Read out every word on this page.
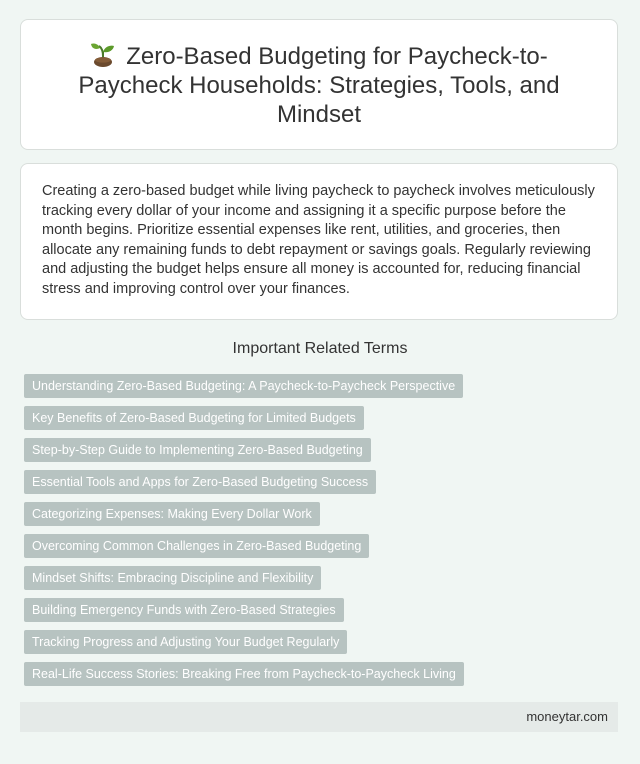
Zero-Based Budgeting for Paycheck-to-Paycheck Households: Strategies, Tools, and Mindset

Creating a zero-based budget while living paycheck to paycheck involves meticulously tracking every dollar of your income and assigning it a specific purpose before the month begins. Prioritize essential expenses like rent, utilities, and groceries, then allocate any remaining funds to debt repayment or savings goals. Regularly reviewing and adjusting the budget helps ensure all money is accounted for, reducing financial stress and improving control over your finances.

Important Related Terms
Understanding Zero-Based Budgeting: A Paycheck-to-Paycheck Perspective
Key Benefits of Zero-Based Budgeting for Limited Budgets
Step-by-Step Guide to Implementing Zero-Based Budgeting
Essential Tools and Apps for Zero-Based Budgeting Success
Categorizing Expenses: Making Every Dollar Work
Overcoming Common Challenges in Zero-Based Budgeting
Mindset Shifts: Embracing Discipline and Flexibility
Building Emergency Funds with Zero-Based Strategies
Tracking Progress and Adjusting Your Budget Regularly
Real-Life Success Stories: Breaking Free from Paycheck-to-Paycheck Living
moneytar.com
